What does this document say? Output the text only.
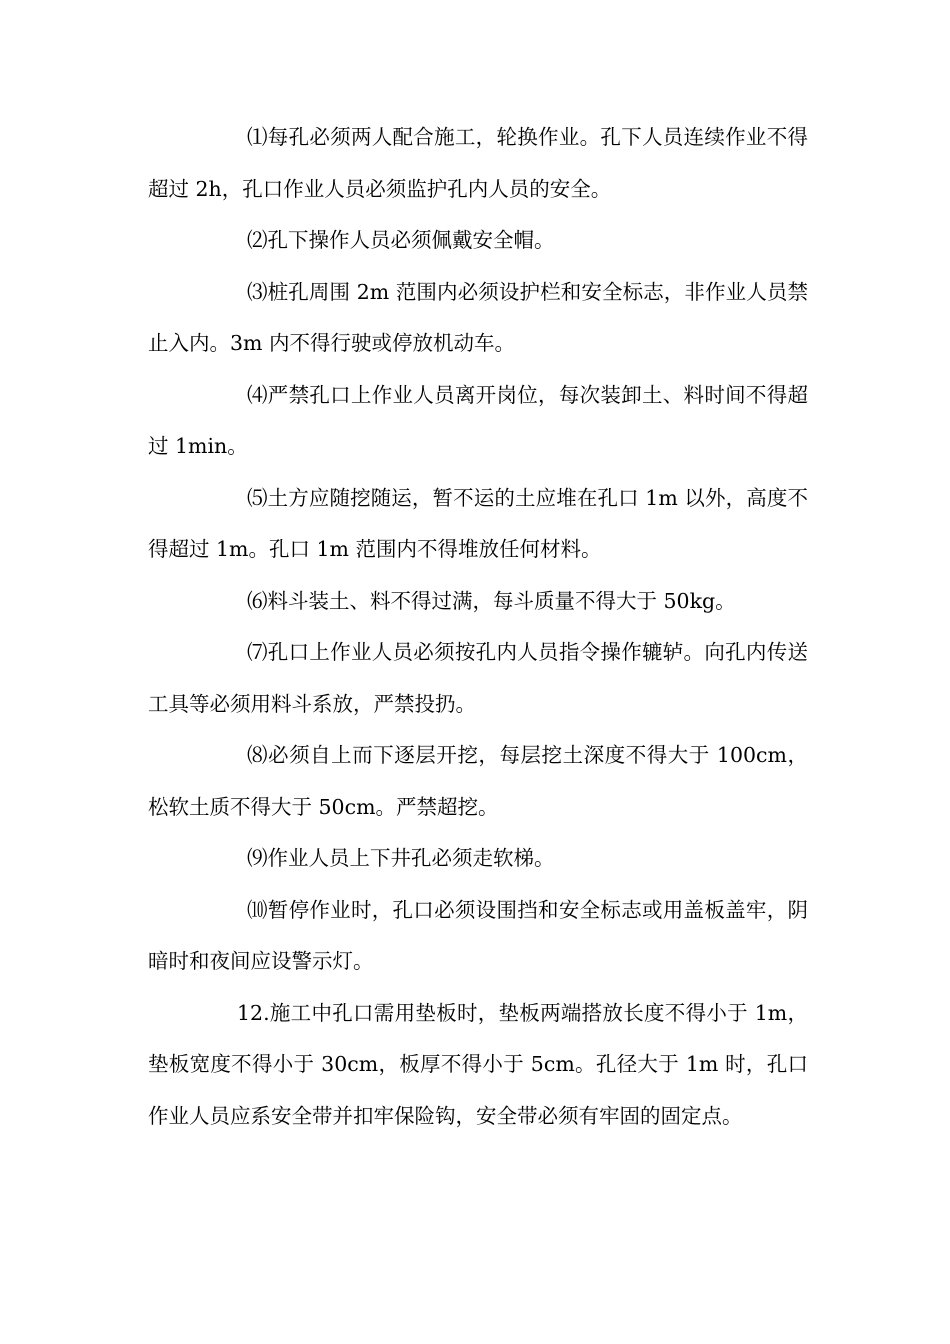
⑴每孔必须两人配合施工，轮换作业。孔下人员连续作业不得超过 2h，孔口作业人员必须监护孔内人员的安全。

⑵孔下操作人员必须佩戴安全帽。

⑶桩孔周围 2m 范围内必须设护栏和安全标志，非作业人员禁止入内。3m 内不得行驶或停放机动车。

⑷严禁孔口上作业人员离开岗位，每次装卸土、料时间不得超过 1min。

⑸土方应随挖随运，暂不运的土应堆在孔口 1m 以外，高度不得超过 1m。孔口 1m 范围内不得堆放任何材料。

⑹料斗装土、料不得过满，每斗质量不得大于 50kg。

⑺孔口上作业人员必须按孔内人员指令操作辘轳。向孔内传送工具等必须用料斗系放，严禁投扔。

⑻必须自上而下逐层开挖，每层挖土深度不得大于 100cm，松软土质不得大于 50cm。严禁超挖。

⑼作业人员上下井孔必须走软梯。

⑽暂停作业时，孔口必须设围挡和安全标志或用盖板盖牢，阴暗时和夜间应设警示灯。

12.施工中孔口需用垫板时，垫板两端搭放长度不得小于 1m，垫板宽度不得小于 30cm，板厚不得小于 5cm。孔径大于 1m 时，孔口作业人员应系安全带并扣牢保险钩，安全带必须有牢固的固定点。
